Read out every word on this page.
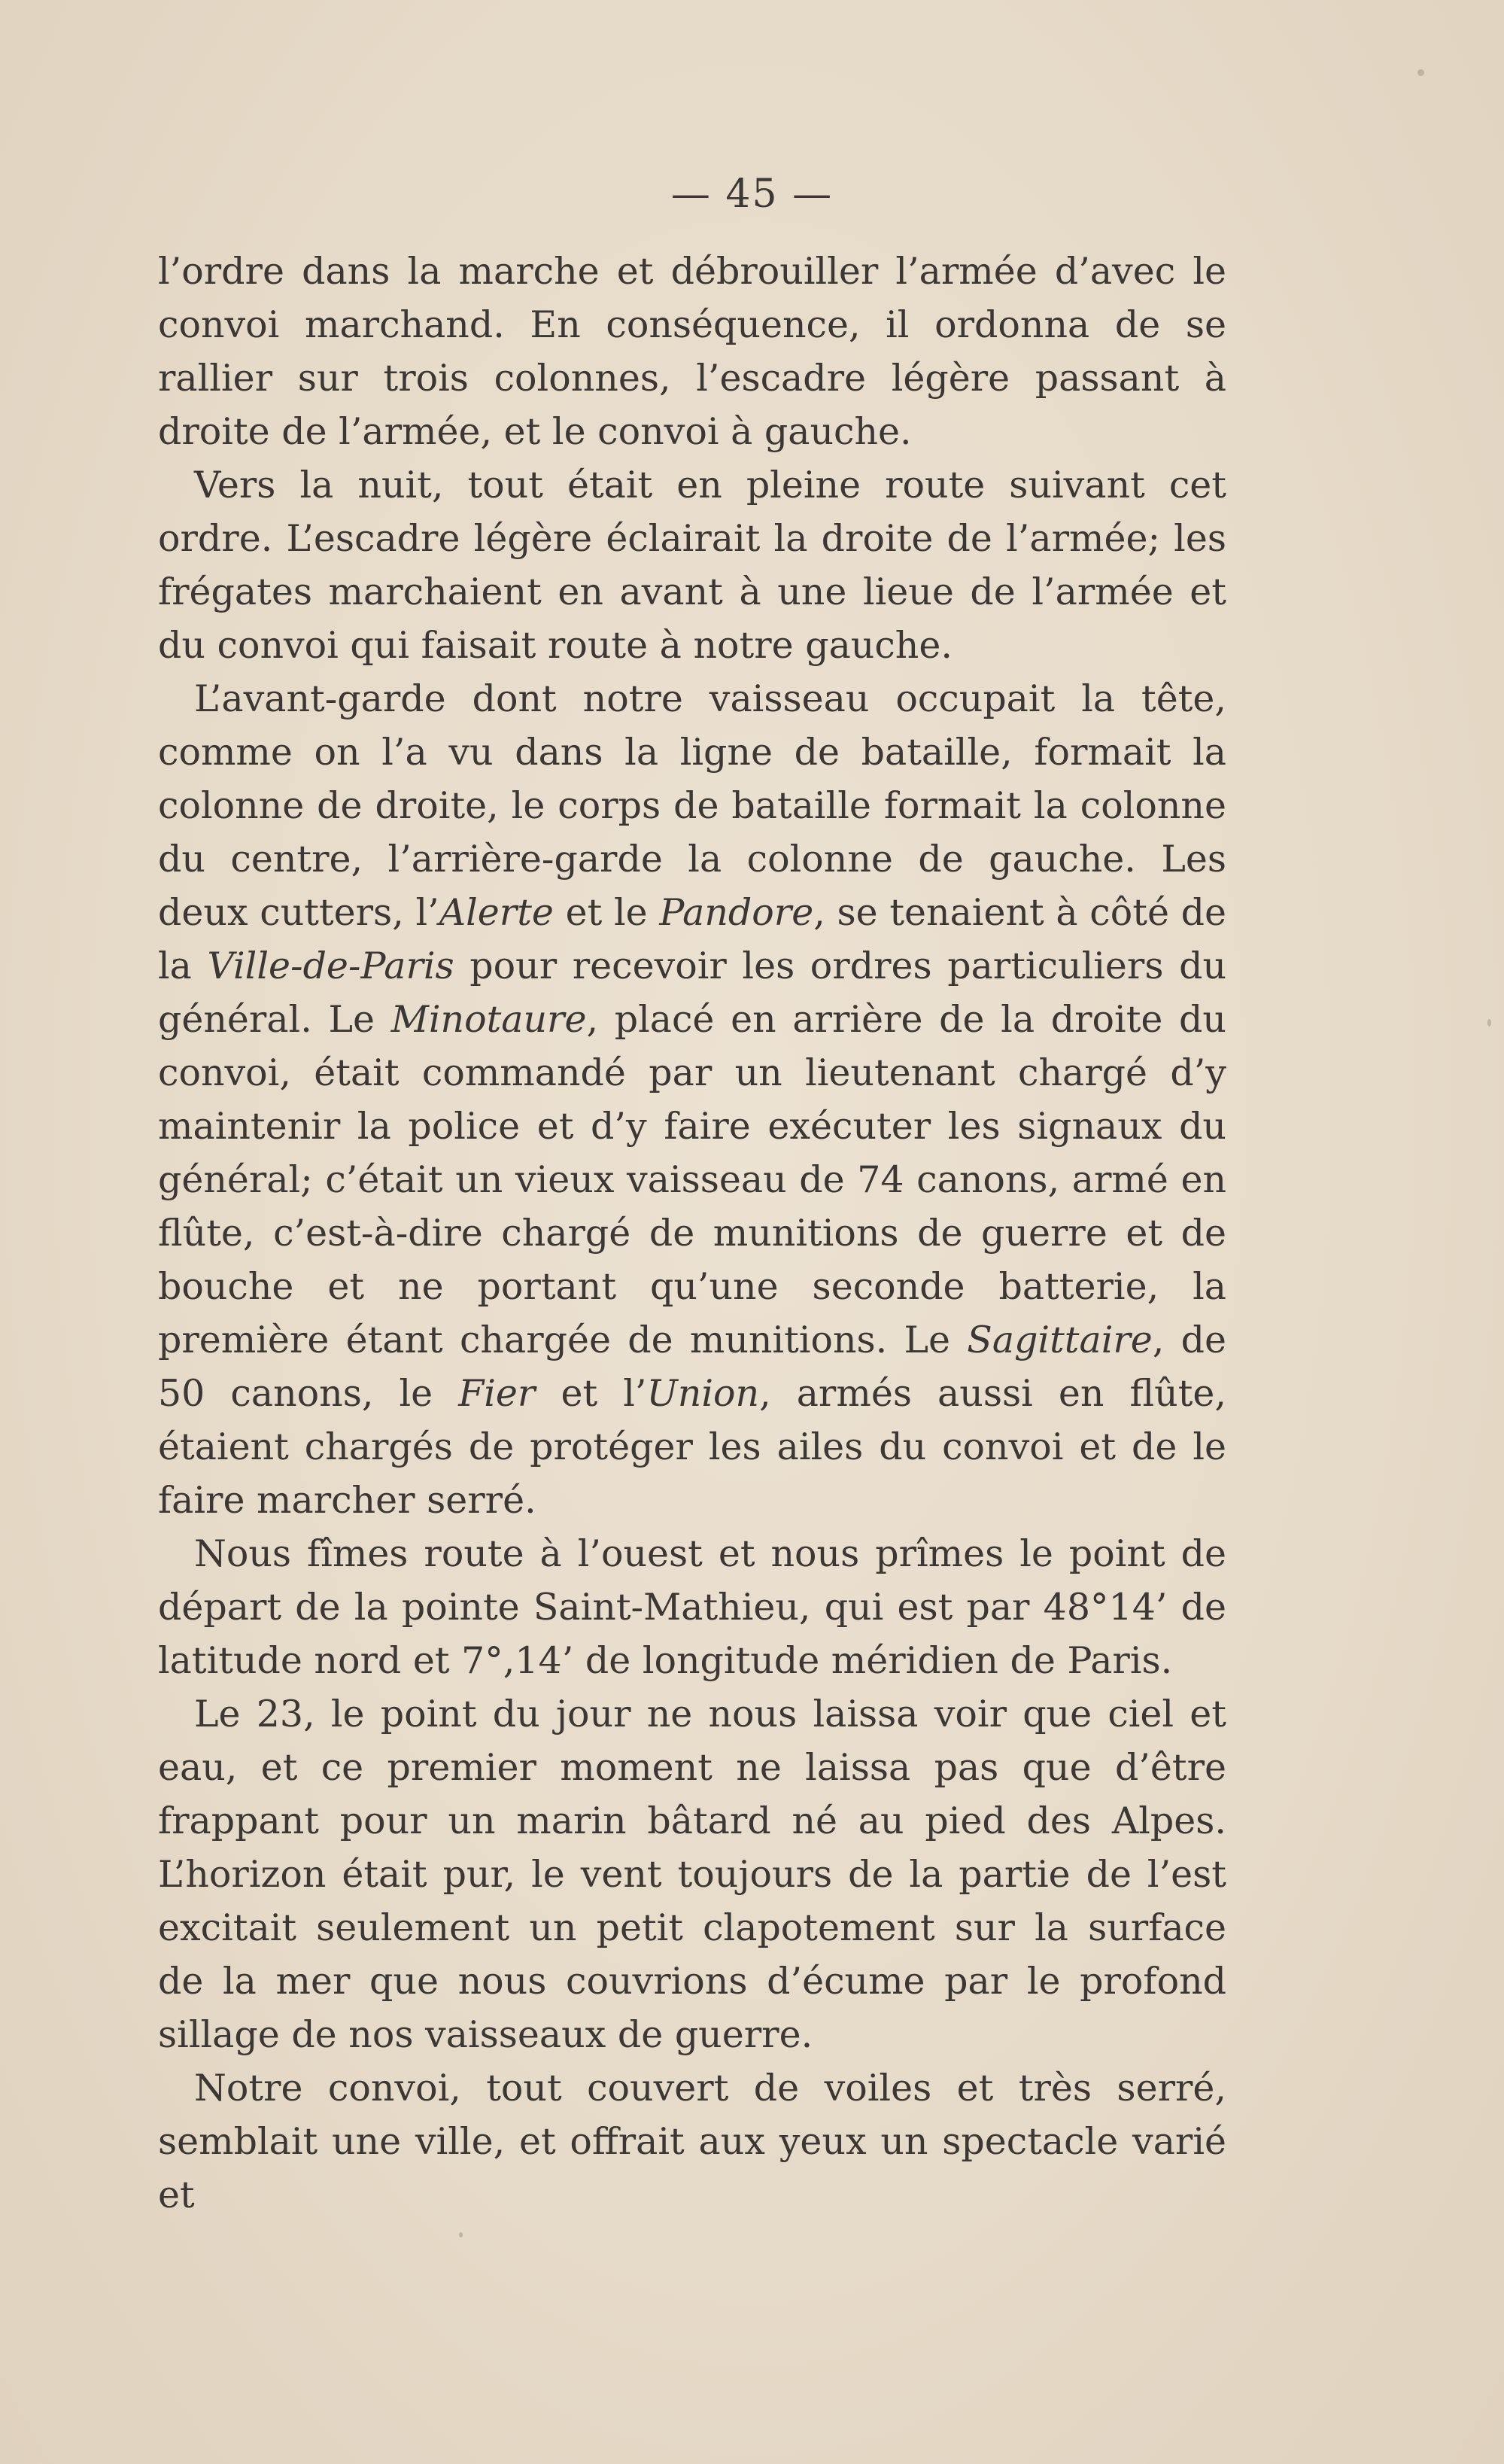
— 45 —

l’ordre dans la marche et débrouiller l’armée d’avec le convoi marchand. En conséquence, il ordonna de se rallier sur trois colonnes, l’escadre légère passant à droite de l’armée, et le convoi à gauche.

Vers la nuit, tout était en pleine route suivant cet ordre. L’escadre légère éclairait la droite de l’armée; les frégates marchaient en avant à une lieue de l’armée et du convoi qui faisait route à notre gauche.

L’avant-garde dont notre vaisseau occupait la tête, comme on l’a vu dans la ligne de bataille, formait la colonne de droite, le corps de bataille formait la colonne du centre, l’arrière-garde la colonne de gauche. Les deux cutters, l’Alerte et le Pandore, se tenaient à côté de la Ville-de-Paris pour recevoir les ordres particuliers du général. Le Minotaure, placé en arrière de la droite du convoi, était commandé par un lieutenant chargé d’y maintenir la police et d’y faire exécuter les signaux du général; c’était un vieux vaisseau de 74 canons, armé en flûte, c’est-à-dire chargé de munitions de guerre et de bouche et ne portant qu’une seconde batterie, la première étant chargée de munitions. Le Sagittaire, de 50 canons, le Fier et l’Union, armés aussi en flûte, étaient chargés de protéger les ailes du convoi et de le faire marcher serré.

Nous fîmes route à l’ouest et nous prîmes le point de départ de la pointe Saint-Mathieu, qui est par 48°14’ de latitude nord et 7°,14’ de longitude méridien de Paris.

Le 23, le point du jour ne nous laissa voir que ciel et eau, et ce premier moment ne laissa pas que d’être frappant pour un marin bâtard né au pied des Alpes. L’horizon était pur, le vent toujours de la partie de l’est excitait seulement un petit clapotement sur la surface de la mer que nous couvrions d’écume par le profond sillage de nos vaisseaux de guerre.

Notre convoi, tout couvert de voiles et très serré, semblait une ville, et offrait aux yeux un spectacle varié et
